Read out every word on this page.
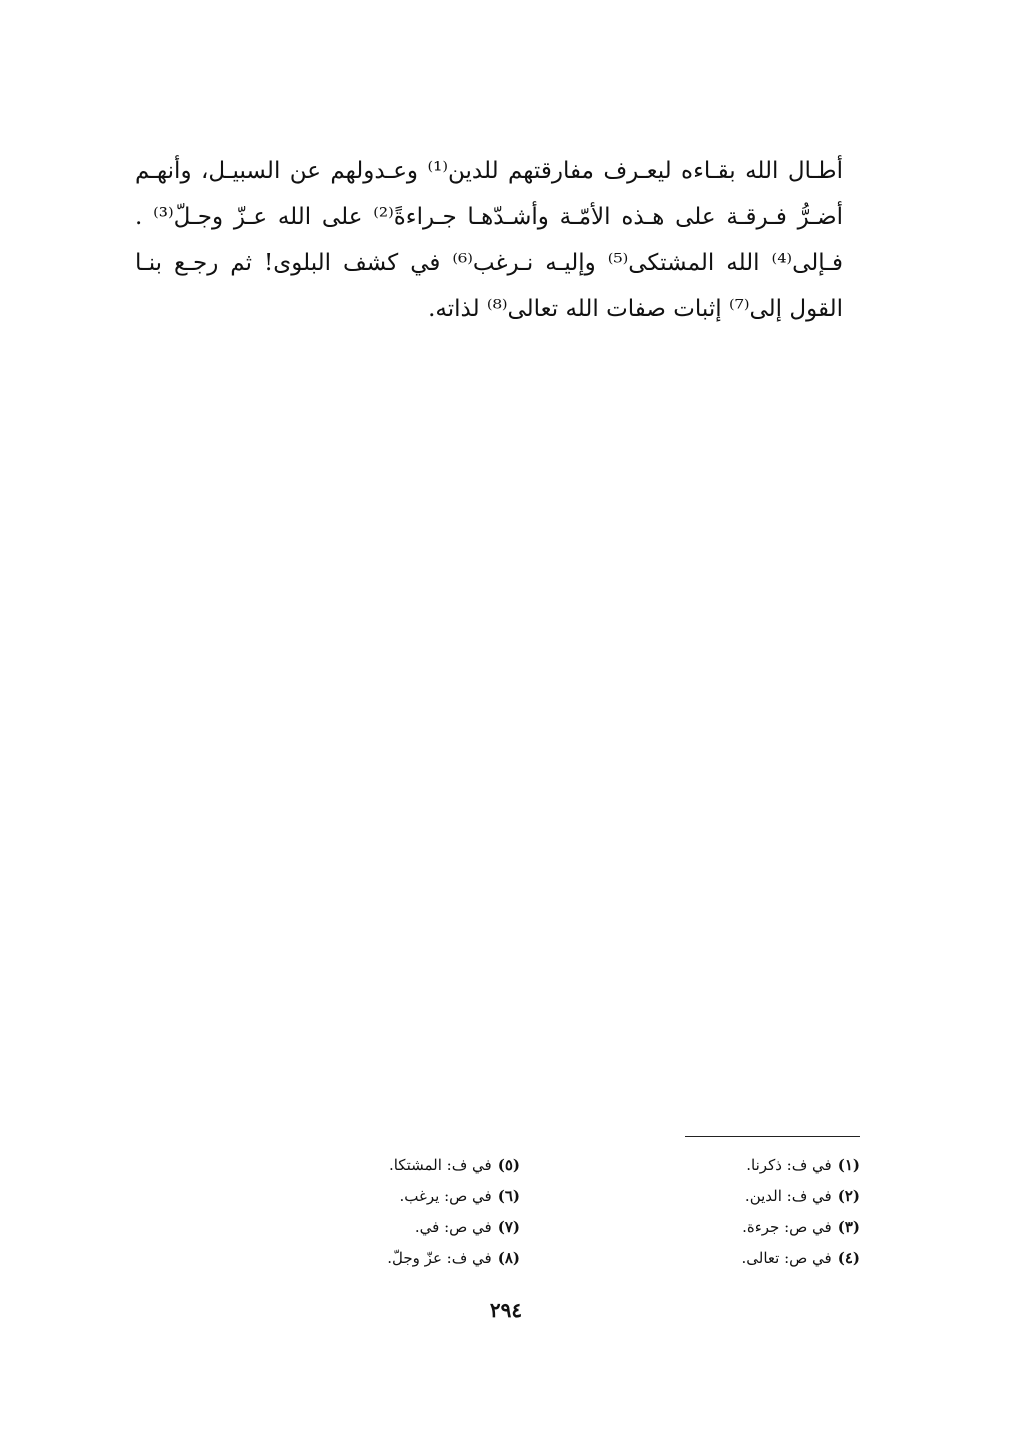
أطـال الله بقـاءه ليعـرف مفارقتهم للدين⁽¹⁾ وعـدولهم عن السبيـل، وأنهـم
أضـرُّ فـرقـة على هـذه الأمّـة وأشـدّهـا جـراءةً⁽²⁾ على الله عـزّ وجـلّ⁽³⁾ .
فـإلى⁽⁴⁾ الله المشتكى⁽⁵⁾ وإليـه نـرغب⁽⁶⁾ في كشف البلوى! ثم رجـع بنـا
القول إلى⁽⁷⁾ إثبات صفات الله تعالى⁽⁸⁾ لذاته.
(١)في ف: ذكرنا.
(٢)في ف: الدين.
(٣)في ص: جرءة.
(٤)في ص: تعالى.
(٥)في ف: المشتكا.
(٦)في ص: يرغب.
(٧)في ص: في.
(٨)في ف: عزّ وجلّ.
٢٩٤
